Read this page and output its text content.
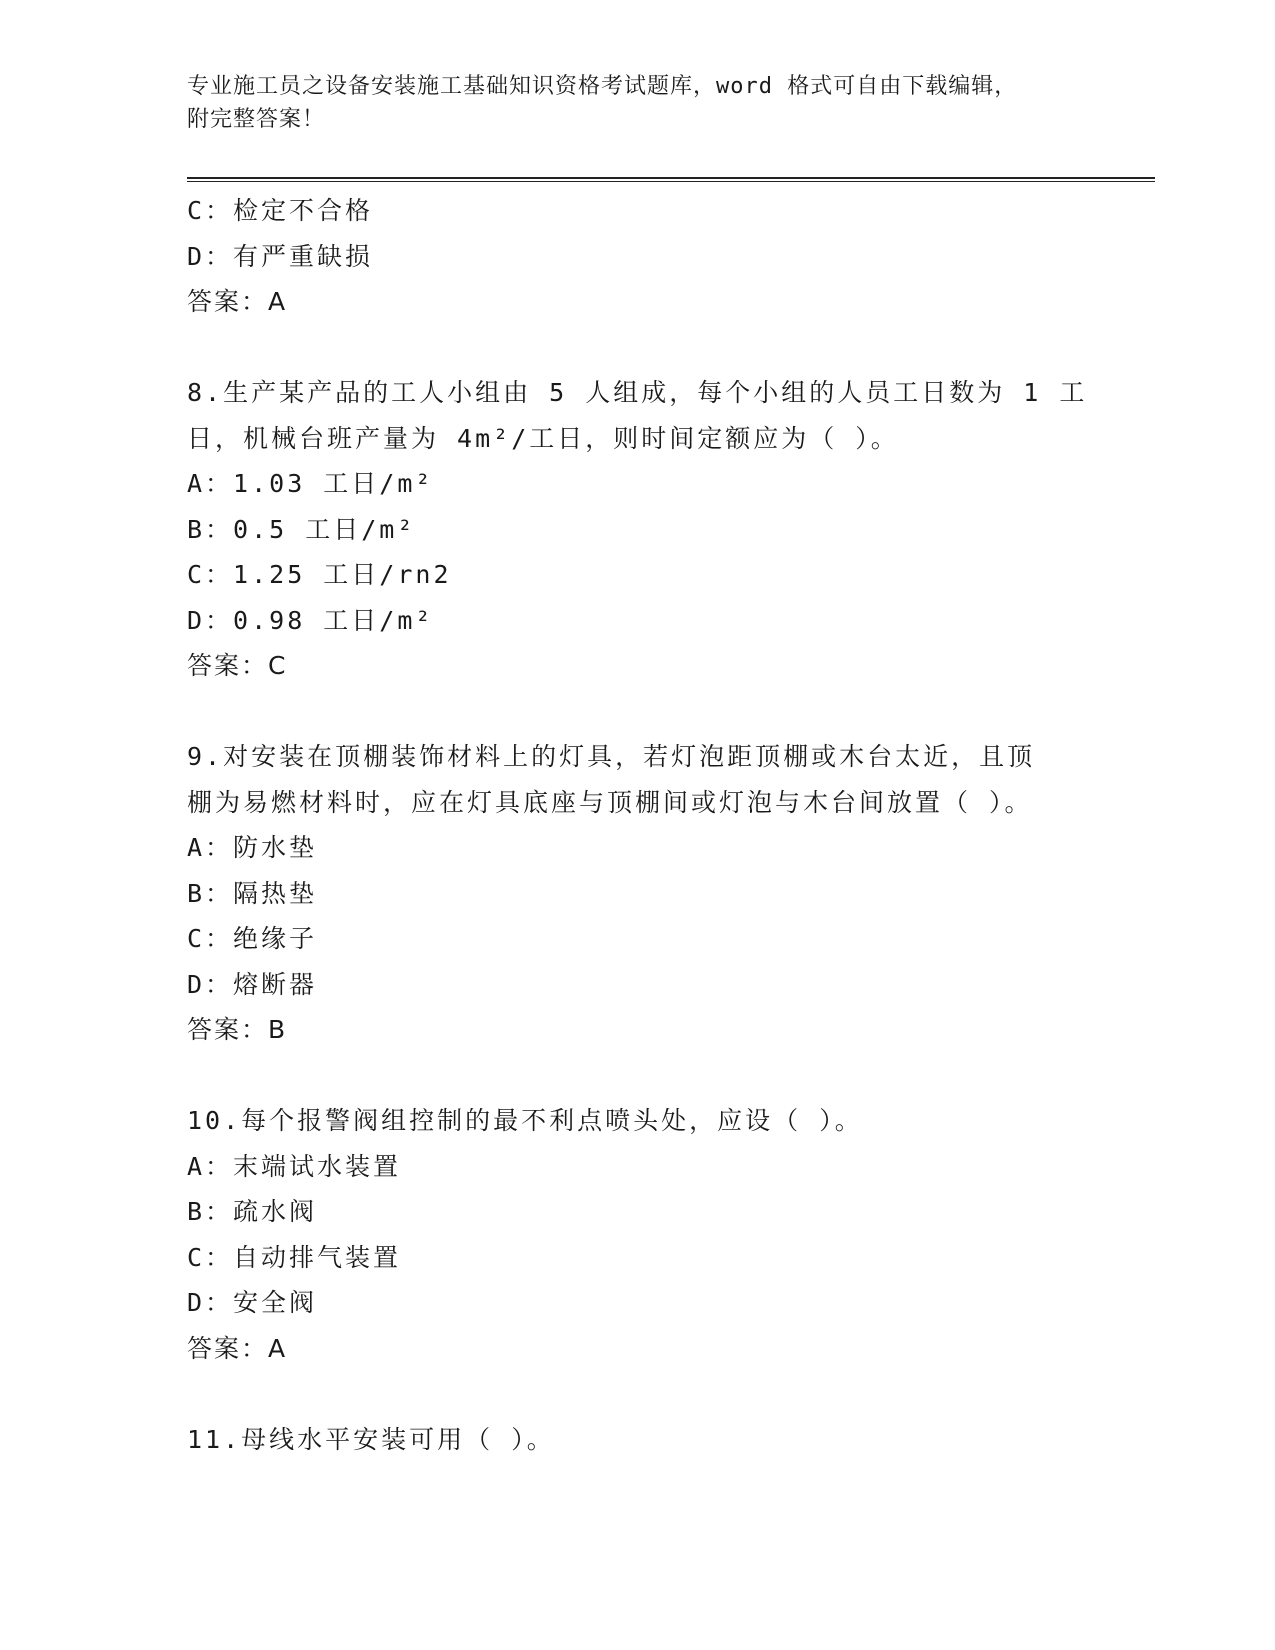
专业施工员之设备安装施工基础知识资格考试题库，word 格式可自由下载编辑，
附完整答案！
C：检定不合格
D：有严重缺损
答案：A
8.生产某产品的工人小组由 5 人组成，每个小组的人员工日数为 1 工
日，机械台班产量为 4m²/工日，则时间定额应为（ ）。
A：1.03 工日/m²
B：0.5 工日/m²
C：1.25 工日/rn2
D：0.98 工日/m²
答案：C
9.对安装在顶棚装饰材料上的灯具，若灯泡距顶棚或木台太近，且顶
棚为易燃材料时，应在灯具底座与顶棚间或灯泡与木台间放置（ ）。
A：防水垫
B：隔热垫
C：绝缘子
D：熔断器
答案：B
10.每个报警阀组控制的最不利点喷头处，应设（ ）。
A：末端试水装置
B：疏水阀
C：自动排气装置
D：安全阀
答案：A
11.母线水平安装可用（ ）。
